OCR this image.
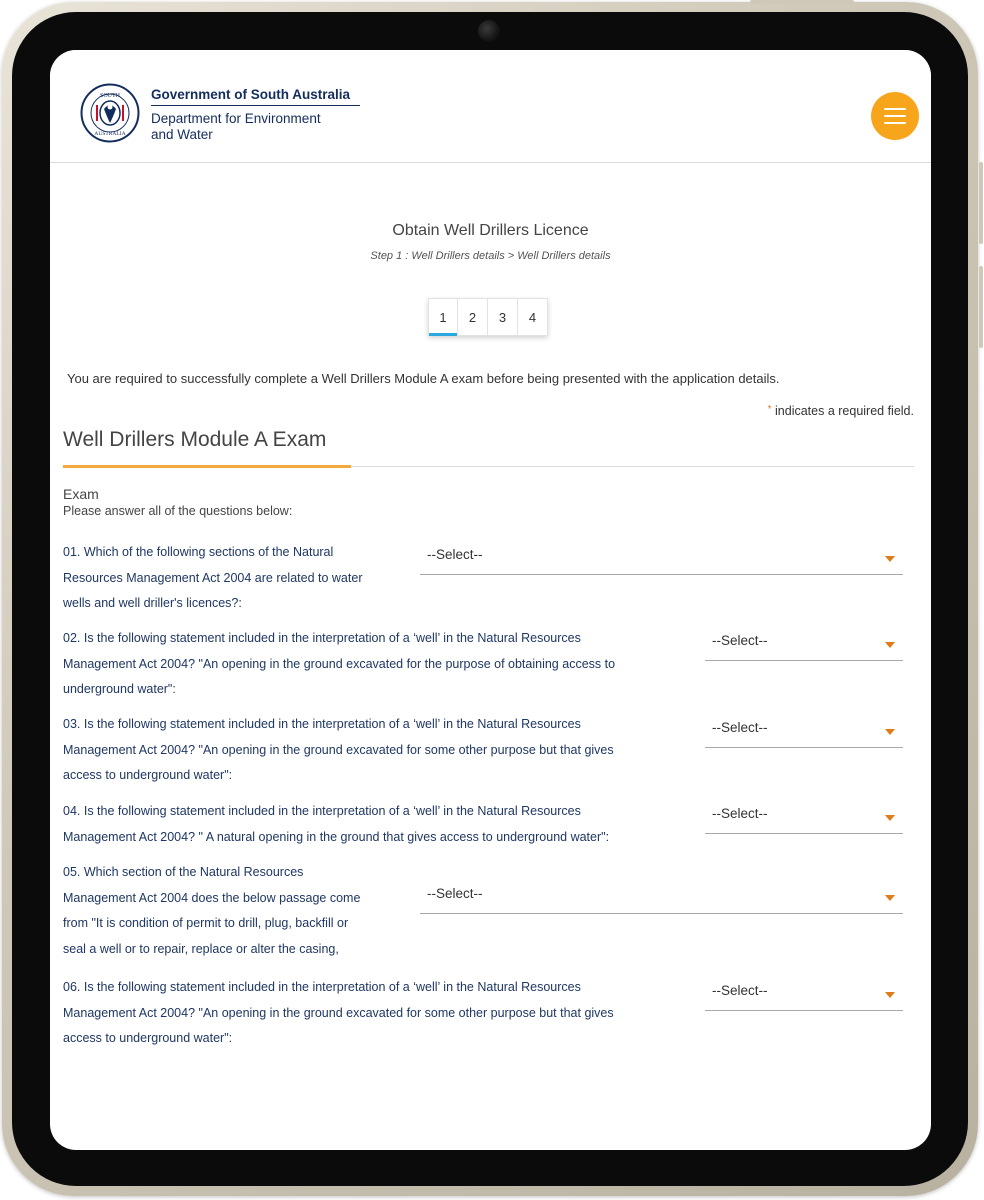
SOUTH
AUSTRALIA
Government of South Australia
Department for Environment
and Water
Obtain Well Drillers Licence
Step 1 : Well Drillers details > Well Drillers details
1	2	3	4
You are required to successfully complete a Well Drillers Module A exam before being presented with the application details.
* indicates a required field.
Well Drillers Module A Exam
Exam
Please answer all of the questions below:
01. Which of the following sections of the Natural
Resources Management Act 2004 are related to water
wells and well driller's licences?:
--Select--
02. Is the following statement included in the interpretation of a ‘well’ in the Natural Resources
Management Act 2004? "An opening in the ground excavated for the purpose of obtaining access to
underground water":
--Select--
03. Is the following statement included in the interpretation of a ‘well’ in the Natural Resources
Management Act 2004? "An opening in the ground excavated for some other purpose but that gives
access to underground water":
--Select--
04. Is the following statement included in the interpretation of a ‘well’ in the Natural Resources
Management Act 2004? " A natural opening in the ground that gives access to underground water":
--Select--
05. Which section of the Natural Resources
Management Act 2004 does the below passage come
from "It is condition of permit to drill, plug, backfill or
seal a well or to repair, replace or alter the casing,
--Select--
06. Is the following statement included in the interpretation of a ‘well’ in the Natural Resources
Management Act 2004? "An opening in the ground excavated for some other purpose but that gives
access to underground water":
--Select--
